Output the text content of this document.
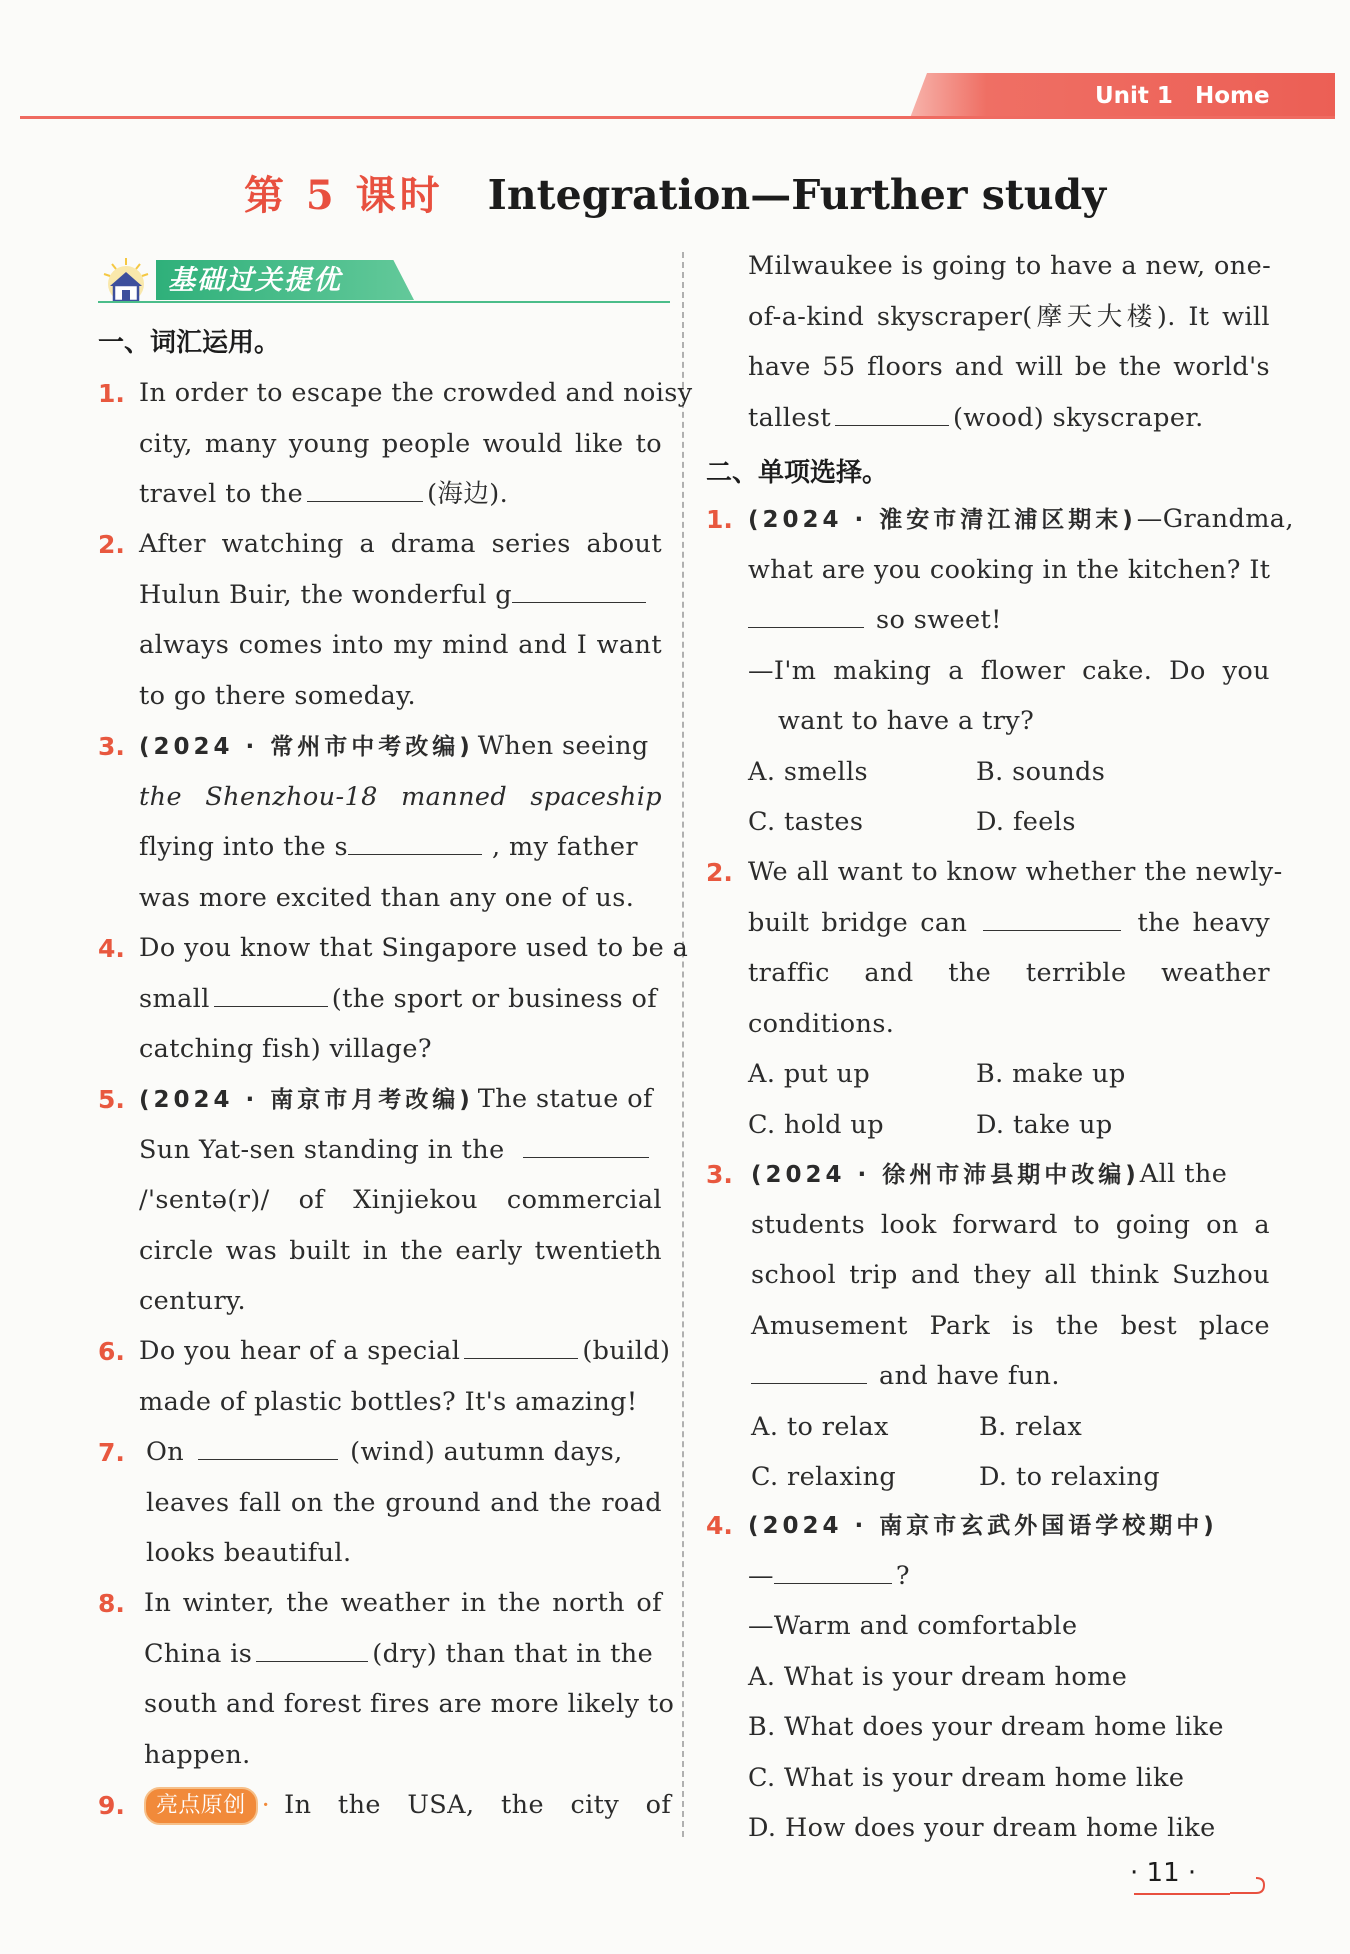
Unit 1 Home
第 5 课时 Integration—Further study
基础过关提优
一、词汇运用。
1. In order to escape the crowded and noisy
city, many young people would like to
travel to the	(海边).
2. After watching a drama series about
Hulun Buir, the wonderful g
always comes into my mind and I want
to go there someday.
3. (2024 · 常州市中考改编) When seeing
the Shenzhou-18 manned spaceship
flying into the s	, my father
was more excited than any one of us.
4. Do you know that Singapore used to be a
small	(the sport or business of
catching fish) village?
5. (2024 · 南京市月考改编) The statue of
Sun Yat-sen standing in the
/'sentə(r)/ of Xinjiekou commercial
circle was built in the early twentieth
century.
6. Do you hear of a special	(build)
made of plastic bottles? It's amazing!
7. On	(wind) autumn days,
leaves fall on the ground and the road
looks beautiful.
8. In winter, the weather in the north of
China is	(dry) than that in the
south and forest fires are more likely to
happen.
9.	亮点原创 · In the USA, the city of
Milwaukee is going to have a new, one-
of-a-kind skyscraper(摩天大楼). It will
have 55 floors and will be the world's
tallest	(wood) skyscraper.
二、单项选择。
1. (2024 · 淮安市清江浦区期末)—Grandma,
what are you cooking in the kitchen? It
so sweet!
—I'm making a flower cake. Do you
want to have a try?
A. smells	B. sounds
C. tastes	D. feels
2. We all want to know whether the newly-
built bridge can	the heavy
traffic and the terrible weather
conditions.
A. put up	B. make up
C. hold up	D. take up
3. (2024 · 徐州市沛县期中改编)All the
students look forward to going on a
school trip and they all think Suzhou
Amusement Park is the best place
and have fun.
A. to relax	B. relax
C. relaxing	D. to relaxing
4. (2024 · 南京市玄武外国语学校期中)
—	?
—Warm and comfortable
A. What is your dream home
B. What does your dream home like
C. What is your dream home like
D. How does your dream home like
· 11 ·
